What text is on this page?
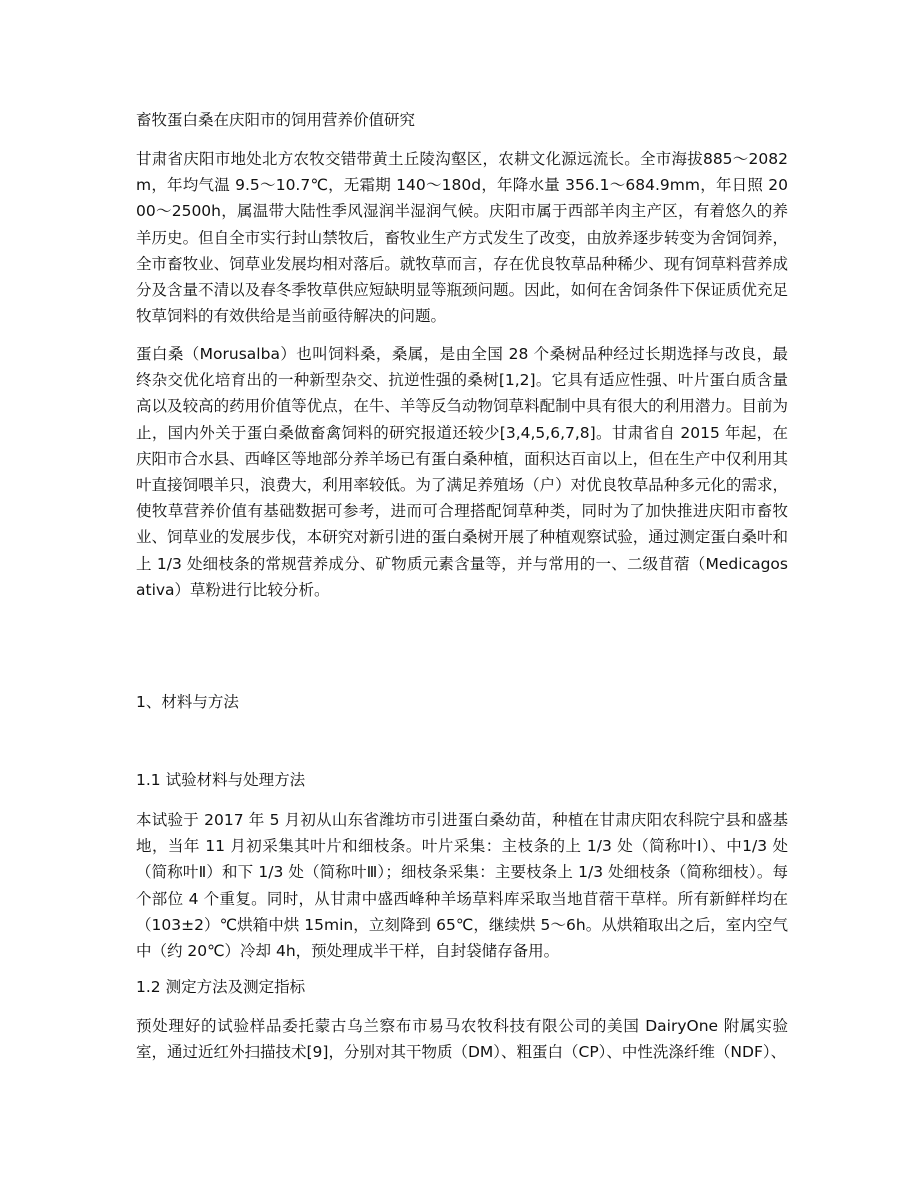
畜牧蛋白桑在庆阳市的饲用营养价值研究

甘肃省庆阳市地处北方农牧交错带黄土丘陵沟壑区，农耕文化源远流长。全市海拔885～2082m，年均气温 9.5～10.7℃，无霜期 140～180d，年降水量 356.1～684.9mm，年日照 2000～2500h，属温带大陆性季风湿润半湿润气候。庆阳市属于西部羊肉主产区，有着悠久的养羊历史。但自全市实行封山禁牧后，畜牧业生产方式发生了改变，由放养逐步转变为舍饲饲养，全市畜牧业、饲草业发展均相对落后。就牧草而言，存在优良牧草品种稀少、现有饲草料营养成分及含量不清以及春冬季牧草供应短缺明显等瓶颈问题。因此，如何在舍饲条件下保证质优充足牧草饲料的有效供给是当前亟待解决的问题。

蛋白桑（Morusalba）也叫饲料桑，桑属，是由全国 28 个桑树品种经过长期选择与改良，最终杂交优化培育出的一种新型杂交、抗逆性强的桑树[1,2]。它具有适应性强、叶片蛋白质含量高以及较高的药用价值等优点，在牛、羊等反刍动物饲草料配制中具有很大的利用潜力。目前为止，国内外关于蛋白桑做畜禽饲料的研究报道还较少[3,4,5,6,7,8]。甘肃省自 2015 年起，在庆阳市合水县、西峰区等地部分养羊场已有蛋白桑种植，面积达百亩以上，但在生产中仅利用其叶直接饲喂羊只，浪费大，利用率较低。为了满足养殖场（户）对优良牧草品种多元化的需求，使牧草营养价值有基础数据可参考，进而可合理搭配饲草种类，同时为了加快推进庆阳市畜牧业、饲草业的发展步伐，本研究对新引进的蛋白桑树开展了种植观察试验，通过测定蛋白桑叶和上 1/3 处细枝条的常规营养成分、矿物质元素含量等，并与常用的一、二级苜蓿（Medicagosativa）草粉进行比较分析。

1、材料与方法
1.1 试验材料与处理方法

本试验于 2017 年 5 月初从山东省潍坊市引进蛋白桑幼苗，种植在甘肃庆阳农科院宁县和盛基地，当年 11 月初采集其叶片和细枝条。叶片采集：主枝条的上 1/3 处（简称叶Ⅰ）、中1/3 处（简称叶Ⅱ）和下 1/3 处（简称叶Ⅲ）；细枝条采集：主要枝条上 1/3 处细枝条（简称细枝）。每个部位 4 个重复。同时，从甘肃中盛西峰种羊场草料库采取当地苜蓿干草样。所有新鲜样均在（103±2）℃烘箱中烘 15min，立刻降到 65℃，继续烘 5～6h。从烘箱取出之后，室内空气中（约 20℃）冷却 4h，预处理成半干样，自封袋储存备用。

1.2 测定方法及测定指标

预处理好的试验样品委托蒙古乌兰察布市易马农牧科技有限公司的美国 DairyOne 附属实验室，通过近红外扫描技术[9]，分别对其干物质（DM）、粗蛋白（CP）、中性洗涤纤维（NDF）、
